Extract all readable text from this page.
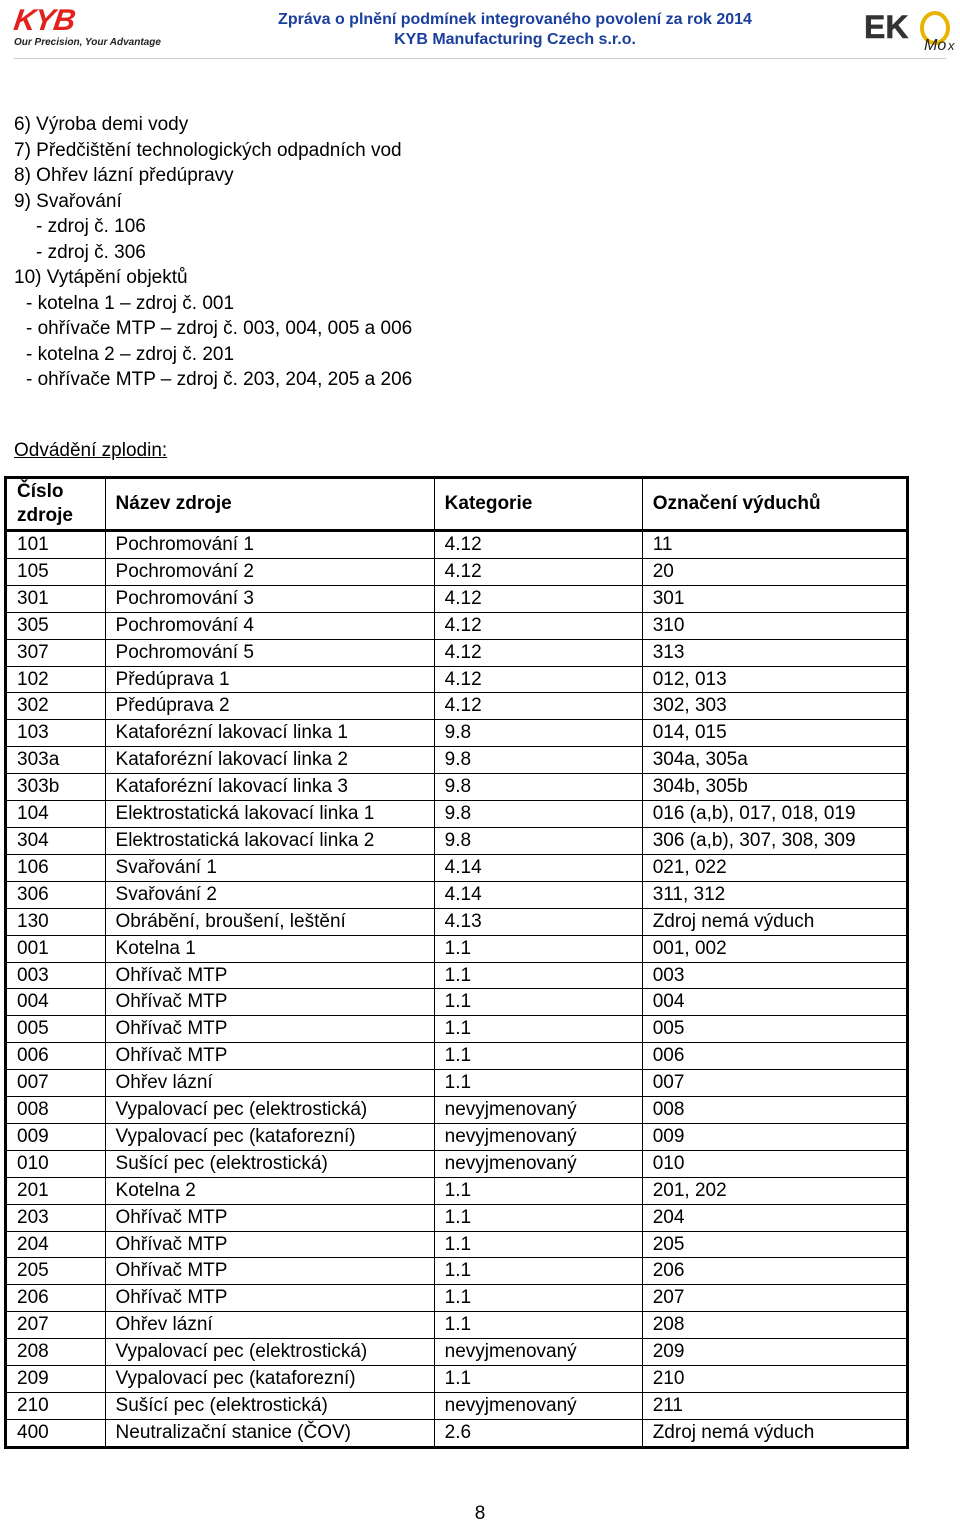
KYB
Our Precision, Your Advantage
Zpráva o plnění podmínek integrovaného povolení za rok 2014
KYB Manufacturing Czech s.r.o.	EK
Mo x
6) Výroba demi vody
7) Předčištění technologických odpadních vod
8) Ohřev lázní předúpravy
9) Svařování
- zdroj č. 106
- zdroj č. 306
10) Vytápění objektů
- kotelna 1 – zdroj č. 001
- ohřívače MTP – zdroj č. 003, 004, 005 a 006
- kotelna 2 – zdroj č. 201
- ohřívače MTP – zdroj č. 203, 204, 205 a 206
Odvádění zplodin:
Číslo zdroje	Název zdroje	Kategorie	Označení výduchů
101	Pochromování 1	4.12	11
105	Pochromování 2	4.12	20
301	Pochromování 3	4.12	301
305	Pochromování 4	4.12	310
307	Pochromování 5	4.12	313
102	Předúprava 1	4.12	012, 013
302	Předúprava 2	4.12	302, 303
103	Kataforézní lakovací linka 1	9.8	014, 015
303a	Kataforézní lakovací linka 2	9.8	304a, 305a
303b	Kataforézní lakovací linka 3	9.8	304b, 305b
104	Elektrostatická lakovací linka 1	9.8	016 (a,b), 017, 018, 019
304	Elektrostatická lakovací linka 2	9.8	306 (a,b), 307, 308, 309
106	Svařování 1	4.14	021, 022
306	Svařování 2	4.14	311, 312
130	Obrábění, broušení, leštění	4.13	Zdroj nemá výduch
001	Kotelna 1	1.1	001, 002
003	Ohřívač MTP	1.1	003
004	Ohřívač MTP	1.1	004
005	Ohřívač MTP	1.1	005
006	Ohřívač MTP	1.1	006
007	Ohřev lázní	1.1	007
008	Vypalovací pec (elektrostická)	nevyjmenovaný	008
009	Vypalovací pec (kataforezní)	nevyjmenovaný	009
010	Sušící pec (elektrostická)	nevyjmenovaný	010
201	Kotelna 2	1.1	201, 202
203	Ohřívač MTP	1.1	204
204	Ohřívač MTP	1.1	205
205	Ohřívač MTP	1.1	206
206	Ohřívač MTP	1.1	207
207	Ohřev lázní	1.1	208
208	Vypalovací pec (elektrostická)	nevyjmenovaný	209
209	Vypalovací pec (kataforezní)	1.1	210
210	Sušící pec (elektrostická)	nevyjmenovaný	211
400	Neutralizační stanice (ČOV)	2.6	Zdroj nemá výduch
8
